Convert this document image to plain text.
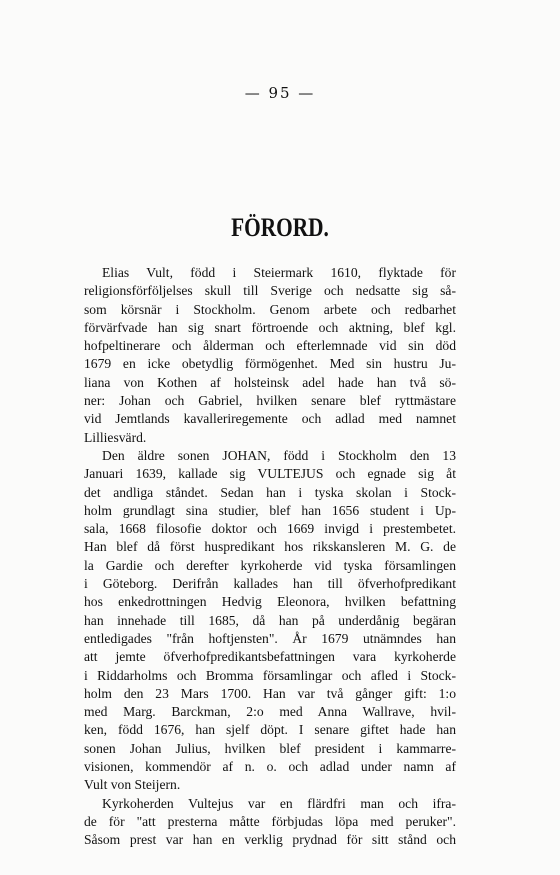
— 95 —
FÖRORD.
Elias Vult, född i Steiermark 1610, flyktade för
religionsförföljelses skull till Sverige och nedsatte sig så-
som körsnär i Stockholm. Genom arbete och redbarhet
förvärfvade han sig snart förtroende och aktning, blef kgl.
hofpeltinerare och ålderman och efterlemnade vid sin död
1679 en icke obetydlig förmögenhet. Med sin hustru Ju-
liana von Kothen af holsteinsk adel hade han två sö-
ner: Johan och Gabriel, hvilken senare blef ryttmästare
vid Jemtlands kavalleriregemente och adlad med namnet
Lilliesvärd.
Den äldre sonen JOHAN, född i Stockholm den 13
Januari 1639, kallade sig VULTEJUS och egnade sig åt
det andliga ståndet. Sedan han i tyska skolan i Stock-
holm grundlagt sina studier, blef han 1656 student i Up-
sala, 1668 filosofie doktor och 1669 invigd i prestembetet.
Han blef då först huspredikant hos rikskansleren M. G. de
la Gardie och derefter kyrkoherde vid tyska församlingen
i Göteborg. Derifrån kallades han till öfverhofpredikant
hos enkedrottningen Hedvig Eleonora, hvilken befattning
han innehade till 1685, då han på underdånig begäran
entledigades "från hoftjensten". År 1679 utnämndes han
att jemte öfverhofpredikantsbefattningen vara kyrkoherde
i Riddarholms och Bromma församlingar och afled i Stock-
holm den 23 Mars 1700. Han var två gånger gift: 1:o
med Marg. Barckman, 2:o med Anna Wallrave, hvil-
ken, född 1676, han sjelf döpt. I senare giftet hade han
sonen Johan Julius, hvilken blef president i kammarre-
visionen, kommendör af n. o. och adlad under namn af
Vult von Steijern.
Kyrkoherden Vultejus var en flärdfri man och ifra-
de för "att presterna måtte förbjudas löpa med peruker".
Såsom prest var han en verklig prydnad för sitt stånd och
